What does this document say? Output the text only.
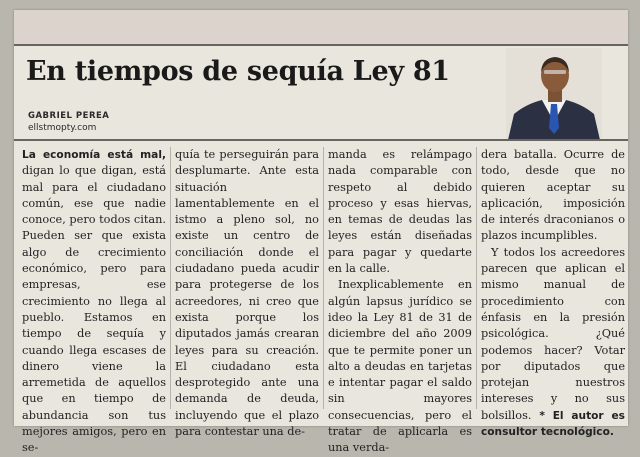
En tiempos de sequía Ley 81
GABRIEL PEREA
ellstmopty.com

La economía está mal, digan lo que digan, está mal para el ciudadano común, ese que nadie conoce, pero todos citan. Pueden ser que exista algo de crecimiento económico, pero para empresas, ese crecimiento no llega al pueblo. Estamos en tiempo de sequía y cuando llega escases de dinero viene la arremetida de aquellos que en tiempo de abundancia son tus mejores amigos, pero en se-

quía te perseguirán para desplumarte. Ante esta situación lamentablemente en el istmo a pleno sol, no existe un centro de conciliación donde el ciudadano pueda acudir para protegerse de los acreedores, ni creo que exista porque los diputados jamás crearan leyes para su creación. El ciudadano esta desprotegido ante una demanda de deuda, incluyendo que el plazo para contestar una de-

manda es relámpago nada comparable con respeto al debido proceso y esas hiervas, en temas de deudas las leyes están diseñadas para pagar y quedarte en la calle.

Inexplicablemente en algún lapsus jurídico se ideo la Ley 81 de 31 de diciembre del año 2009 que te permite poner un alto a deudas en tarjetas e intentar pagar el saldo sin mayores consecuencias, pero el tratar de aplicarla es una verda-

dera batalla. Ocurre de todo, desde que no quieren aceptar su aplicación, imposición de interés draconianos o plazos incumplibles.

Y todos los acreedores parecen que aplican el mismo manual de procedimiento con énfasis en la presión psicológica. ¿Qué podemos hacer? Votar por diputados que protejan nuestros intereses y no sus bolsillos. * El autor es consultor tecnológico.
